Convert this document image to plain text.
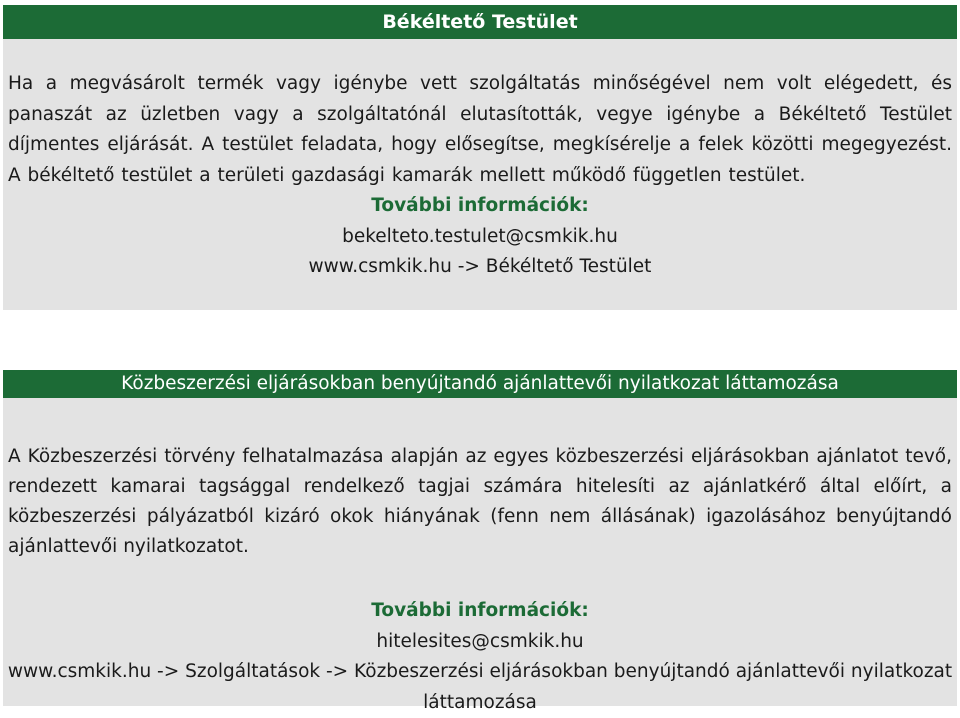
Békéltető Testület
Ha a megvásárolt termék vagy igénybe vett szolgáltatás minőségével nem volt elégedett, és panaszát az üzletben vagy a szolgáltatónál elutasították, vegye igénybe a Békéltető Testület díjmentes eljárását. A testület feladata, hogy elősegítse, megkísérelje a felek közötti megegyezést. A békéltető testület a területi gazdasági kamarák mellett működő független testület.
További információk:
bekelteto.testulet@csmkik.hu
www.csmkik.hu -> Békéltető Testület
Közbeszerzési eljárásokban benyújtandó ajánlattevői nyilatkozat láttamozása
A Közbeszerzési törvény felhatalmazása alapján az egyes közbeszerzési eljárásokban ajánlatot tevő, rendezett kamarai tagsággal rendelkező tagjai számára hitelesíti az ajánlatkérő által előírt, a közbeszerzési pályázatból kizáró okok hiányának (fenn nem állásának) igazolásához benyújtandó ajánlattevői nyilatkozatot.
További információk:
hitelesites@csmkik.hu
www.csmkik.hu -> Szolgáltatások -> Közbeszerzési eljárásokban benyújtandó ajánlattevői nyilatkozat láttamozása
